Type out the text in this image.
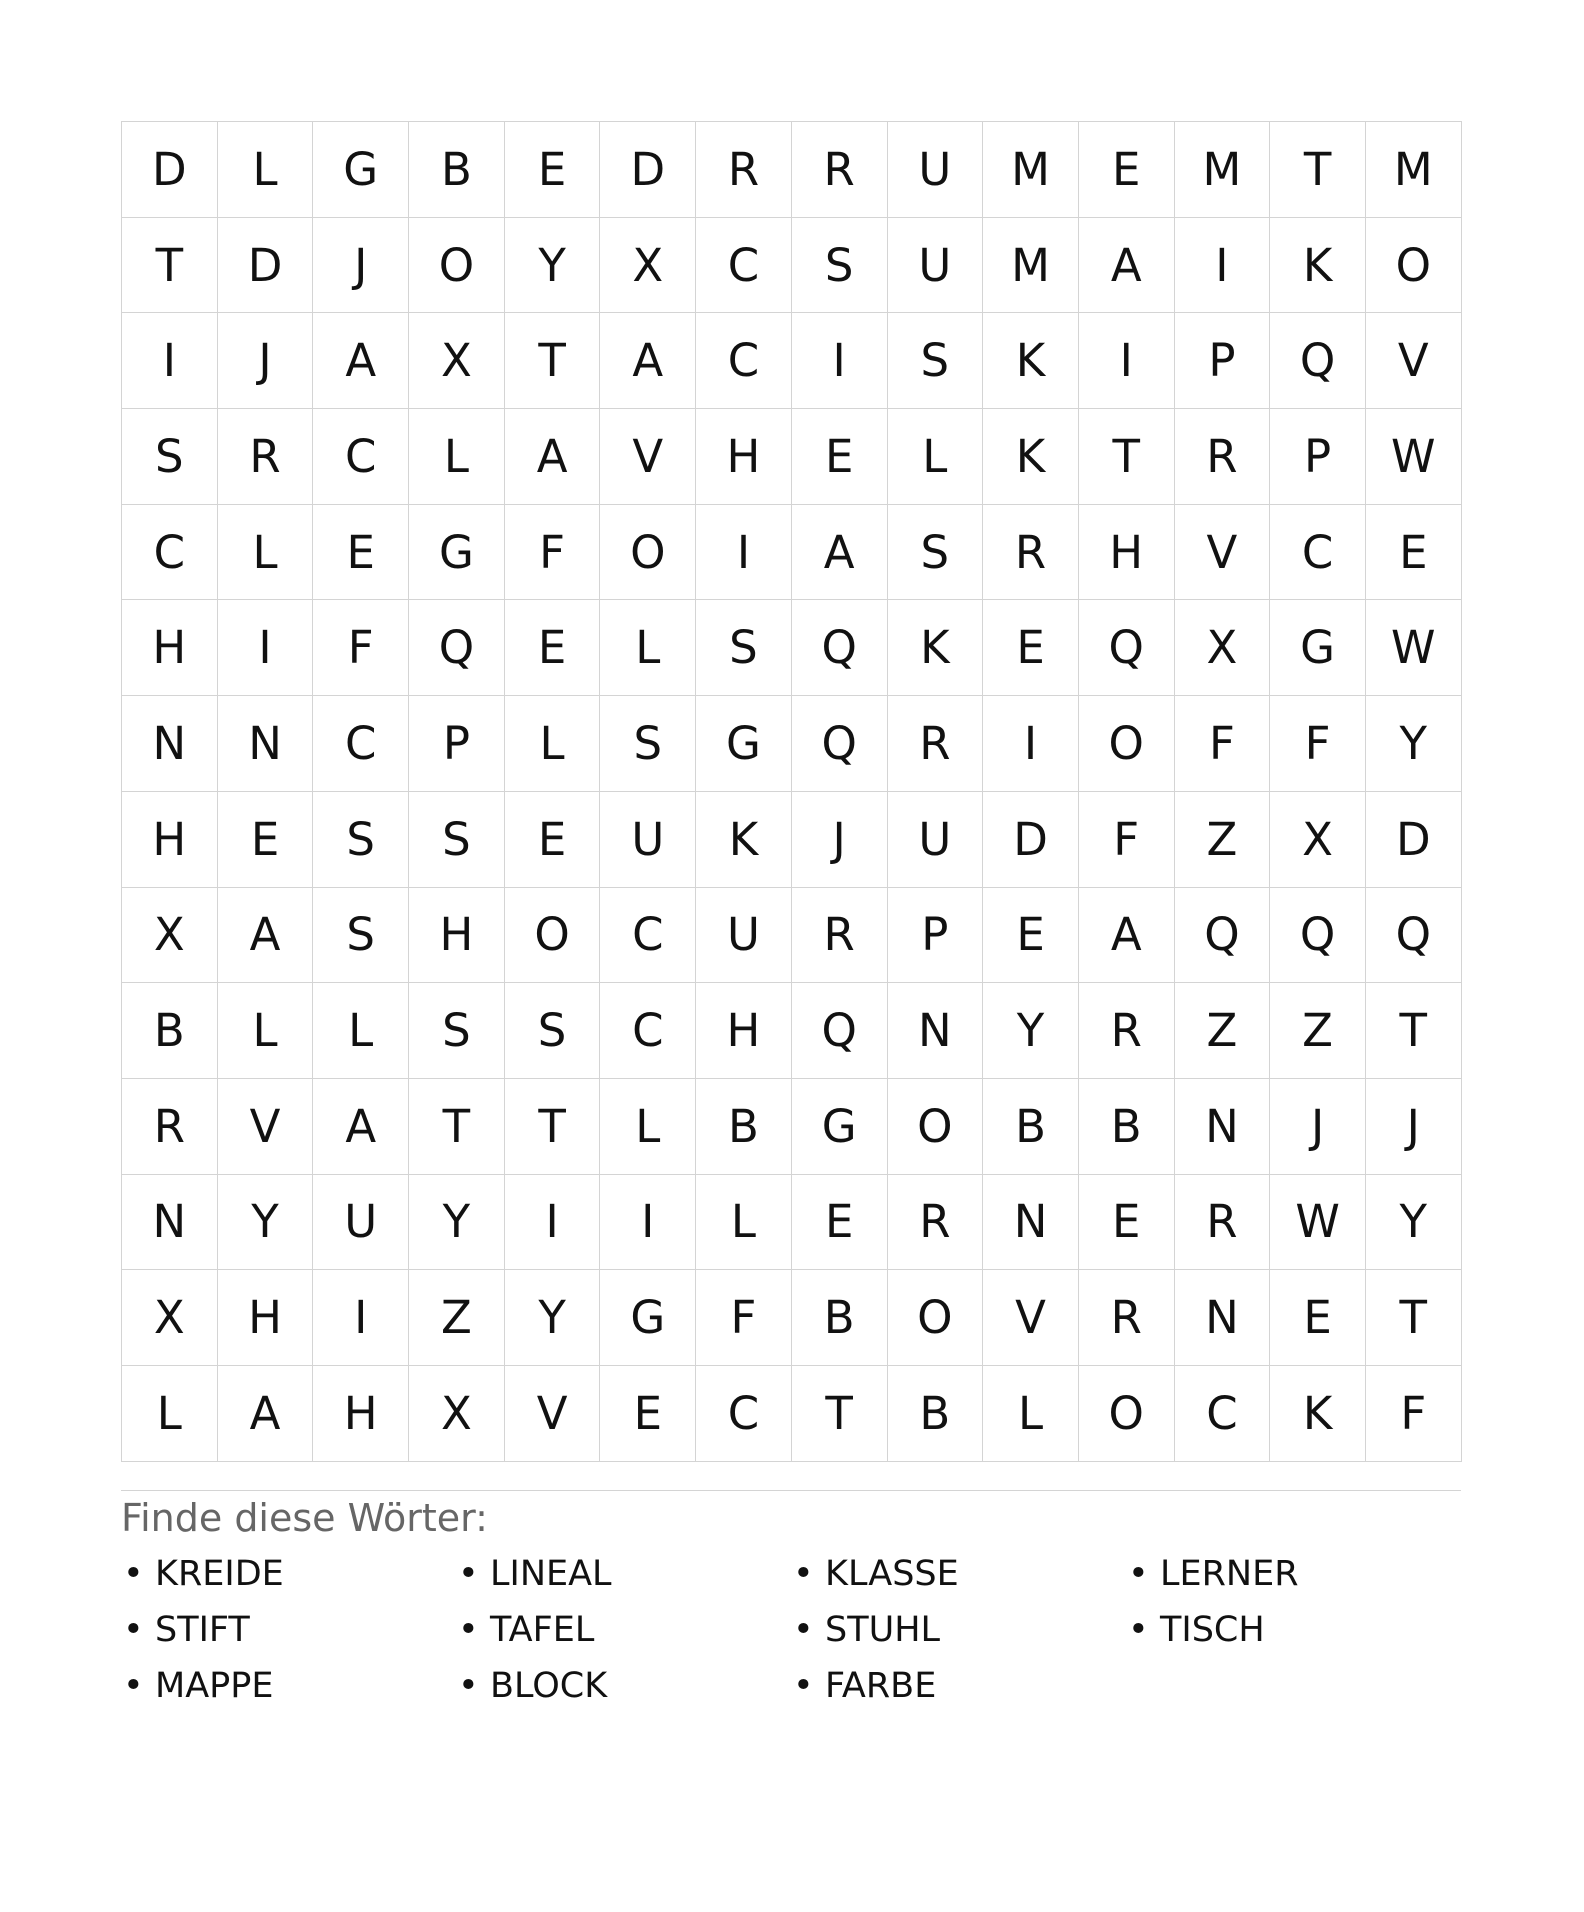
D	L	G	B	E	D	R	R	U	M	E	M	T	M
T	D	J	O	Y	X	C	S	U	M	A	I	K	O
I	J	A	X	T	A	C	I	S	K	I	P	Q	V
S	R	C	L	A	V	H	E	L	K	T	R	P	W
C	L	E	G	F	O	I	A	S	R	H	V	C	E
H	I	F	Q	E	L	S	Q	K	E	Q	X	G	W
N	N	C	P	L	S	G	Q	R	I	O	F	F	Y
H	E	S	S	E	U	K	J	U	D	F	Z	X	D
X	A	S	H	O	C	U	R	P	E	A	Q	Q	Q
B	L	L	S	S	C	H	Q	N	Y	R	Z	Z	T
R	V	A	T	T	L	B	G	O	B	B	N	J	J
N	Y	U	Y	I	I	L	E	R	N	E	R	W	Y
X	H	I	Z	Y	G	F	B	O	V	R	N	E	T
L	A	H	X	V	E	C	T	B	L	O	C	K	F
Finde diese Wörter:
• KREIDE	• LINEAL	• KLASSE	• LERNER
• STIFT	• TAFEL	• STUHL	• TISCH
• MAPPE	• BLOCK	• FARBE
